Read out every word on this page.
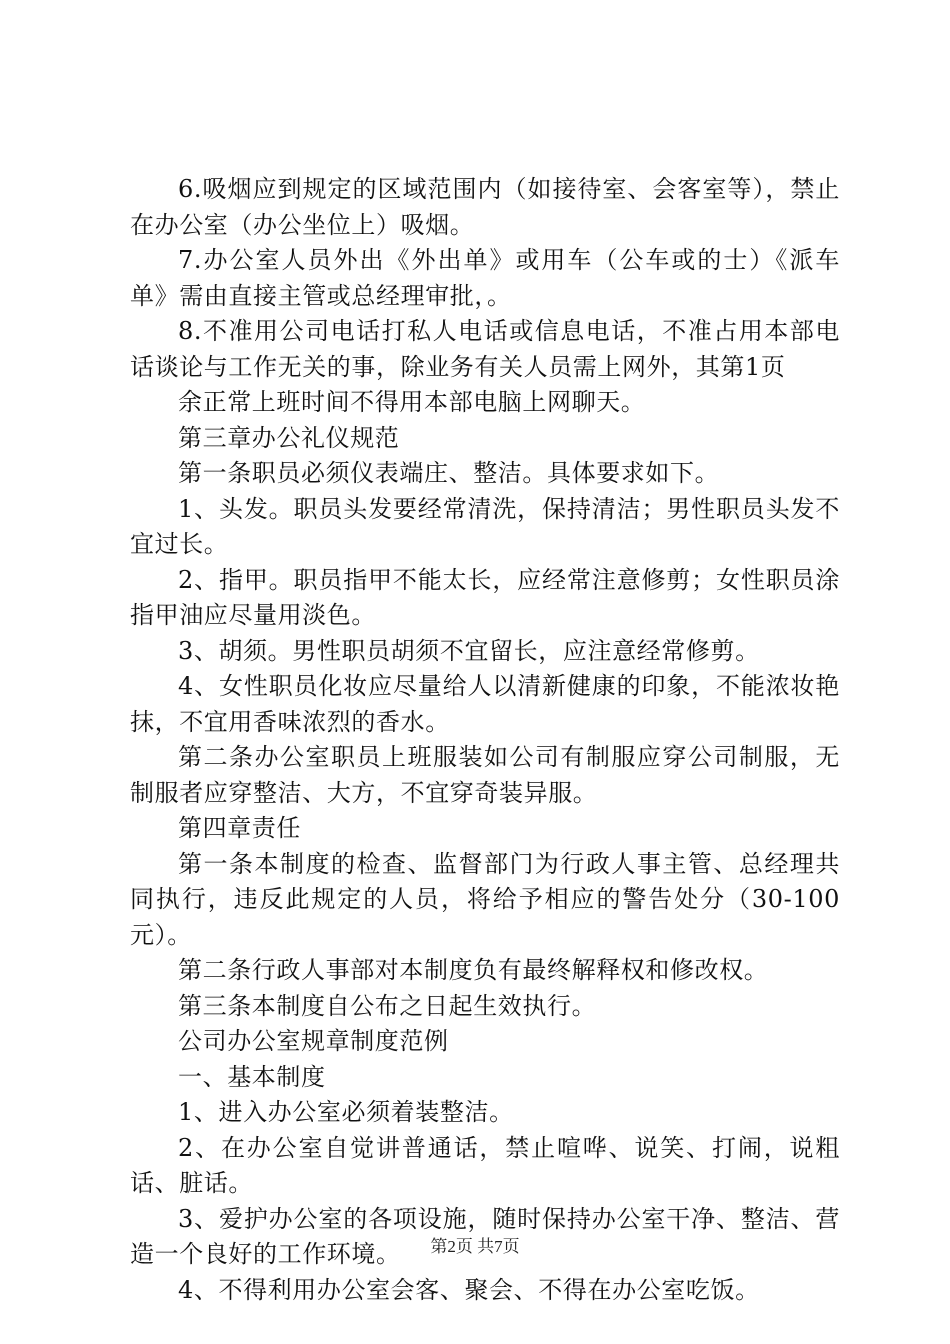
6.吸烟应到规定的区域范围内（如接待室、会客室等），禁止在办公室（办公坐位上）吸烟。

7.办公室人员外出《外出单》或用车（公车或的士）《派车单》需由直接主管或总经理审批，。

8.不准用公司电话打私人电话或信息电话，不准占用本部电话谈论与工作无关的事，除业务有关人员需上网外，其第1页

余正常上班时间不得用本部电脑上网聊天。

第三章办公礼仪规范

第一条职员必须仪表端庄、整洁。具体要求如下。

1、头发。职员头发要经常清洗，保持清洁；男性职员头发不宜过长。

2、指甲。职员指甲不能太长，应经常注意修剪；女性职员涂指甲油应尽量用淡色。

3、胡须。男性职员胡须不宜留长，应注意经常修剪。

4、女性职员化妆应尽量给人以清新健康的印象，不能浓妆艳抹，不宜用香味浓烈的香水。

第二条办公室职员上班服装如公司有制服应穿公司制服，无制服者应穿整洁、大方，不宜穿奇装异服。

第四章责任

第一条本制度的检查、监督部门为行政人事主管、总经理共同执行，违反此规定的人员，将给予相应的警告处分（30-100元）。

第二条行政人事部对本制度负有最终解释权和修改权。

第三条本制度自公布之日起生效执行。

公司办公室规章制度范例

一、基本制度

1、进入办公室必须着装整洁。

2、在办公室自觉讲普通话，禁止喧哗、说笑、打闹，说粗话、脏话。

3、爱护办公室的各项设施，随时保持办公室干净、整洁、营造一个良好的工作环境。

4、不得利用办公室会客、聚会、不得在办公室吃饭。

第2页 共7页
